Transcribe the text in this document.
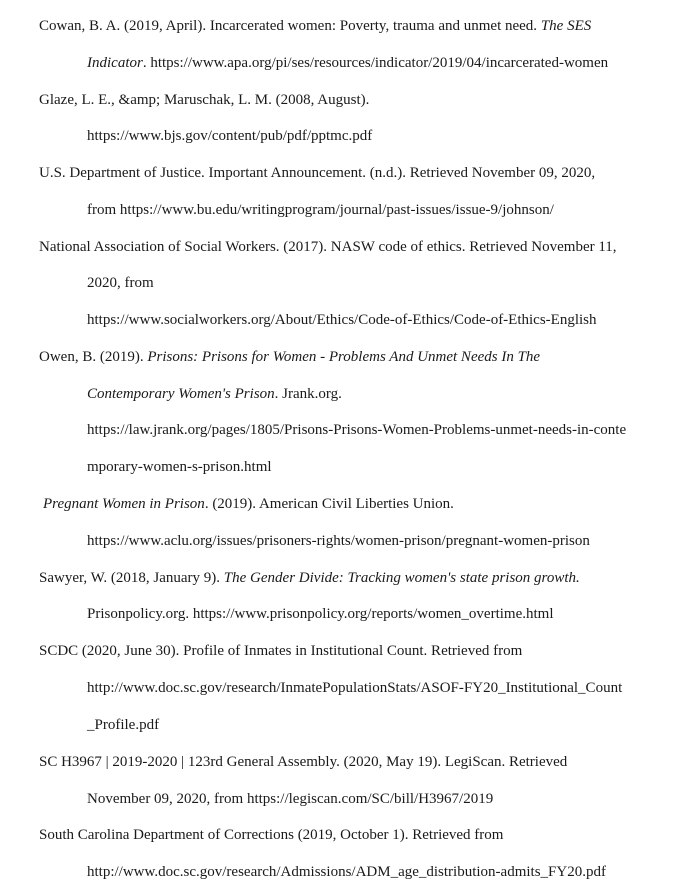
Cowan, B. A. (2019, April). Incarcerated women: Poverty, trauma and unmet need. The SES
Indicator. https://www.apa.org/pi/ses/resources/indicator/2019/04/incarcerated-women
Glaze, L. E., &amp; Maruschak, L. M. (2008, August).
https://www.bjs.gov/content/pub/pdf/pptmc.pdf
U.S. Department of Justice. Important Announcement. (n.d.). Retrieved November 09, 2020,
from https://www.bu.edu/writingprogram/journal/past-issues/issue-9/johnson/
National Association of Social Workers. (2017). NASW code of ethics. Retrieved November 11,
2020, from
https://www.socialworkers.org/About/Ethics/Code-of-Ethics/Code-of-Ethics-English
Owen, B. (2019). Prisons: Prisons for Women - Problems And Unmet Needs In The
Contemporary Women's Prison. Jrank.org.
https://law.jrank.org/pages/1805/Prisons-Prisons-Women-Problems-unmet-needs-in-conte
mporary-women-s-prison.html
Pregnant Women in Prison. (2019). American Civil Liberties Union.
https://www.aclu.org/issues/prisoners-rights/women-prison/pregnant-women-prison
Sawyer, W. (2018, January 9). The Gender Divide: Tracking women's state prison growth.
Prisonpolicy.org. https://www.prisonpolicy.org/reports/women_overtime.html
SCDC (2020, June 30). Profile of Inmates in Institutional Count. Retrieved from
http://www.doc.sc.gov/research/InmatePopulationStats/ASOF-FY20_Institutional_Count
_Profile.pdf
SC H3967 | 2019-2020 | 123rd General Assembly. (2020, May 19). LegiScan. Retrieved
November 09, 2020, from https://legiscan.com/SC/bill/H3967/2019
South Carolina Department of Corrections (2019, October 1). Retrieved from
http://www.doc.sc.gov/research/Admissions/ADM_age_distribution-admits_FY20.pdf
